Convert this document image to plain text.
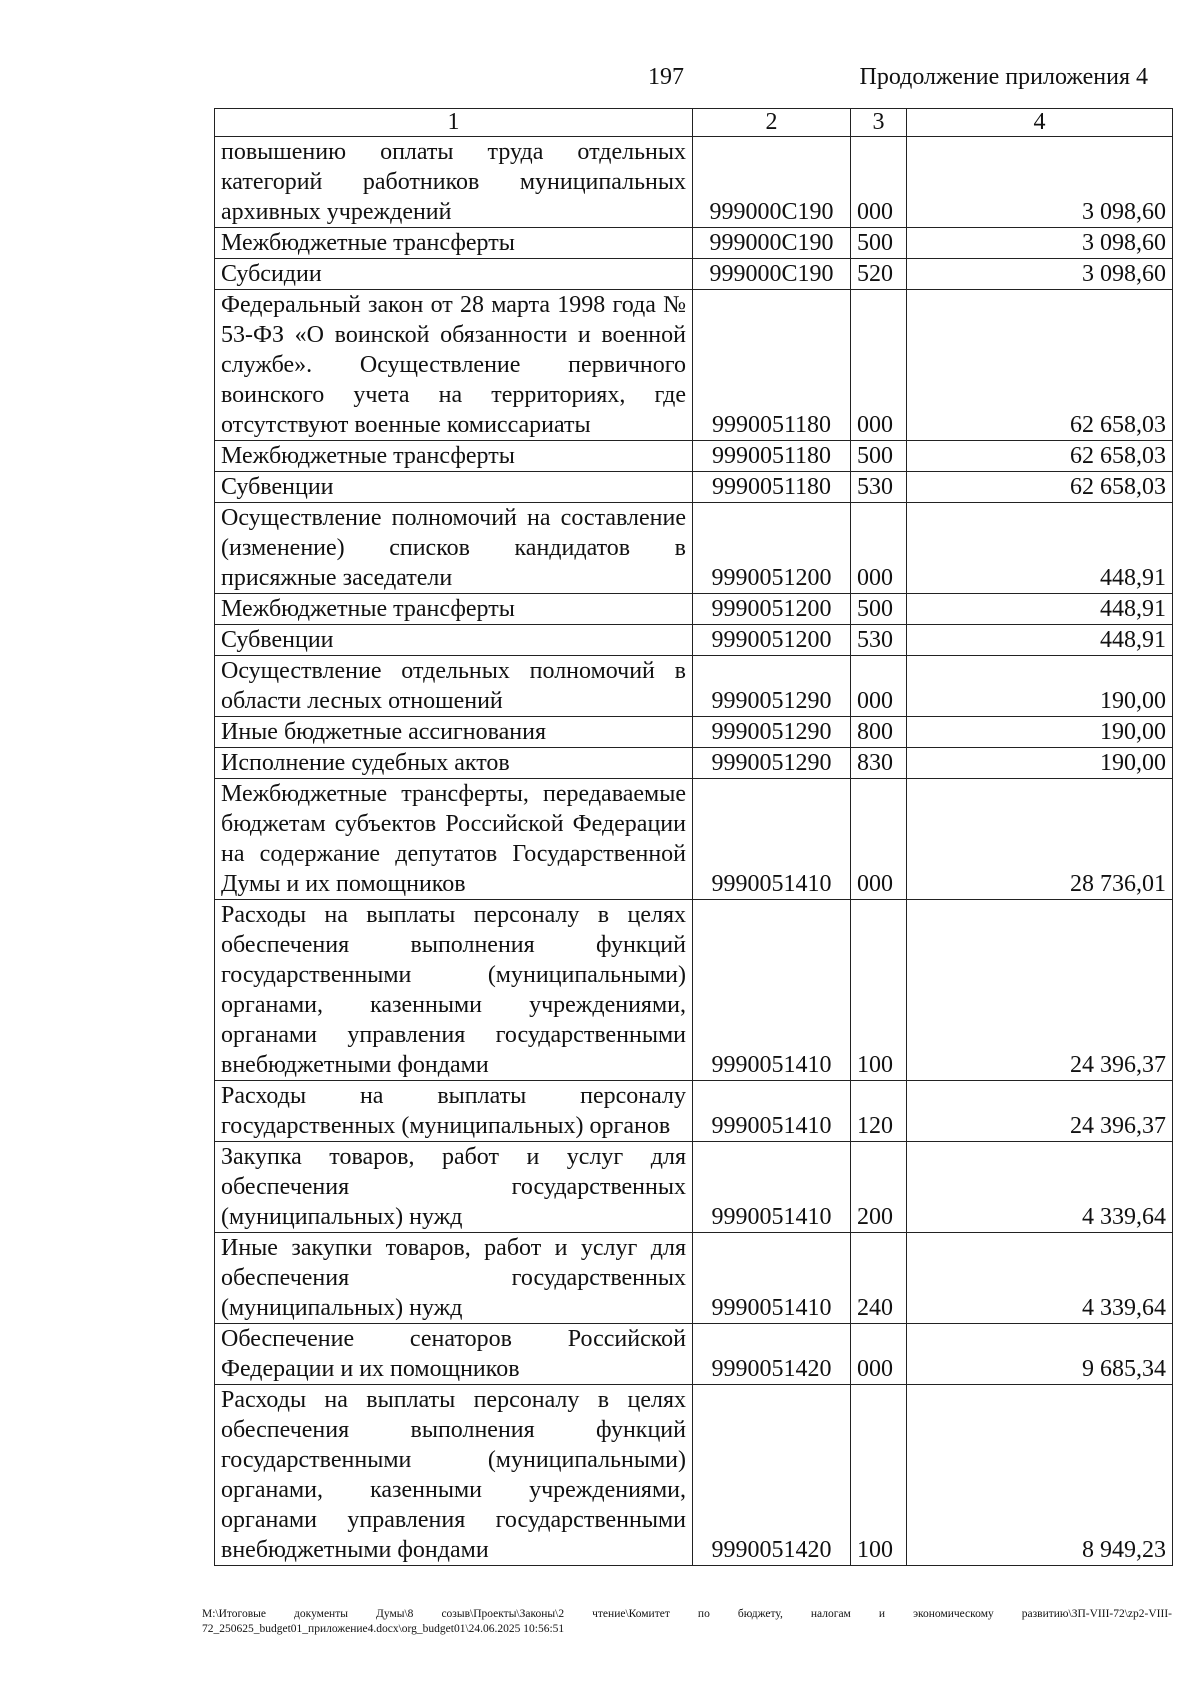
197	Продолжение приложения 4
1	2	3	4
повышению оплаты труда отдельных категорий работников муниципальных архивных учреждений	999000С190	000	3 098,60
Межбюджетные трансферты	999000С190	500	3 098,60
Субсидии	999000С190	520	3 098,60
Федеральный закон от 28 марта 1998 года № 53-ФЗ «О воинской обязанности и военной службе». Осуществление первичного воинского учета на территориях, где отсутствуют военные комиссариаты	9990051180	000	62 658,03
Межбюджетные трансферты	9990051180	500	62 658,03
Субвенции	9990051180	530	62 658,03
Осуществление полномочий на составление (изменение) списков кандидатов в присяжные заседатели	9990051200	000	448,91
Межбюджетные трансферты	9990051200	500	448,91
Субвенции	9990051200	530	448,91
Осуществление отдельных полномочий в области лесных отношений	9990051290	000	190,00
Иные бюджетные ассигнования	9990051290	800	190,00
Исполнение судебных актов	9990051290	830	190,00
Межбюджетные трансферты, передаваемые бюджетам субъектов Российской Федерации на содержание депутатов Государственной Думы и их помощников	9990051410	000	28 736,01
Расходы на выплаты персоналу в целях обеспечения выполнения функций государственными (муниципальными) органами, казенными учреждениями, органами управления государственными внебюджетными фондами	9990051410	100	24 396,37
Расходы на выплаты персоналу государственных (муниципальных) органов	9990051410	120	24 396,37
Закупка товаров, работ и услуг для обеспечения государственных (муниципальных) нужд	9990051410	200	4 339,64
Иные закупки товаров, работ и услуг для обеспечения государственных (муниципальных) нужд	9990051410	240	4 339,64
Обеспечение сенаторов Российской Федерации и их помощников	9990051420	000	9 685,34
Расходы на выплаты персоналу в целях обеспечения выполнения функций государственными (муниципальными) органами, казенными учреждениями, органами управления государственными внебюджетными фондами	9990051420	100	8 949,23
M:\Итоговые документы Думы\8 созыв\Проекты\Законы\2 чтение\Комитет по бюджету, налогам и экономическому развитию\ЗП-VIII-72\zp2-VIII-72_250625_budget01_приложение4.docx\org_budget01\24.06.2025 10:56:51
